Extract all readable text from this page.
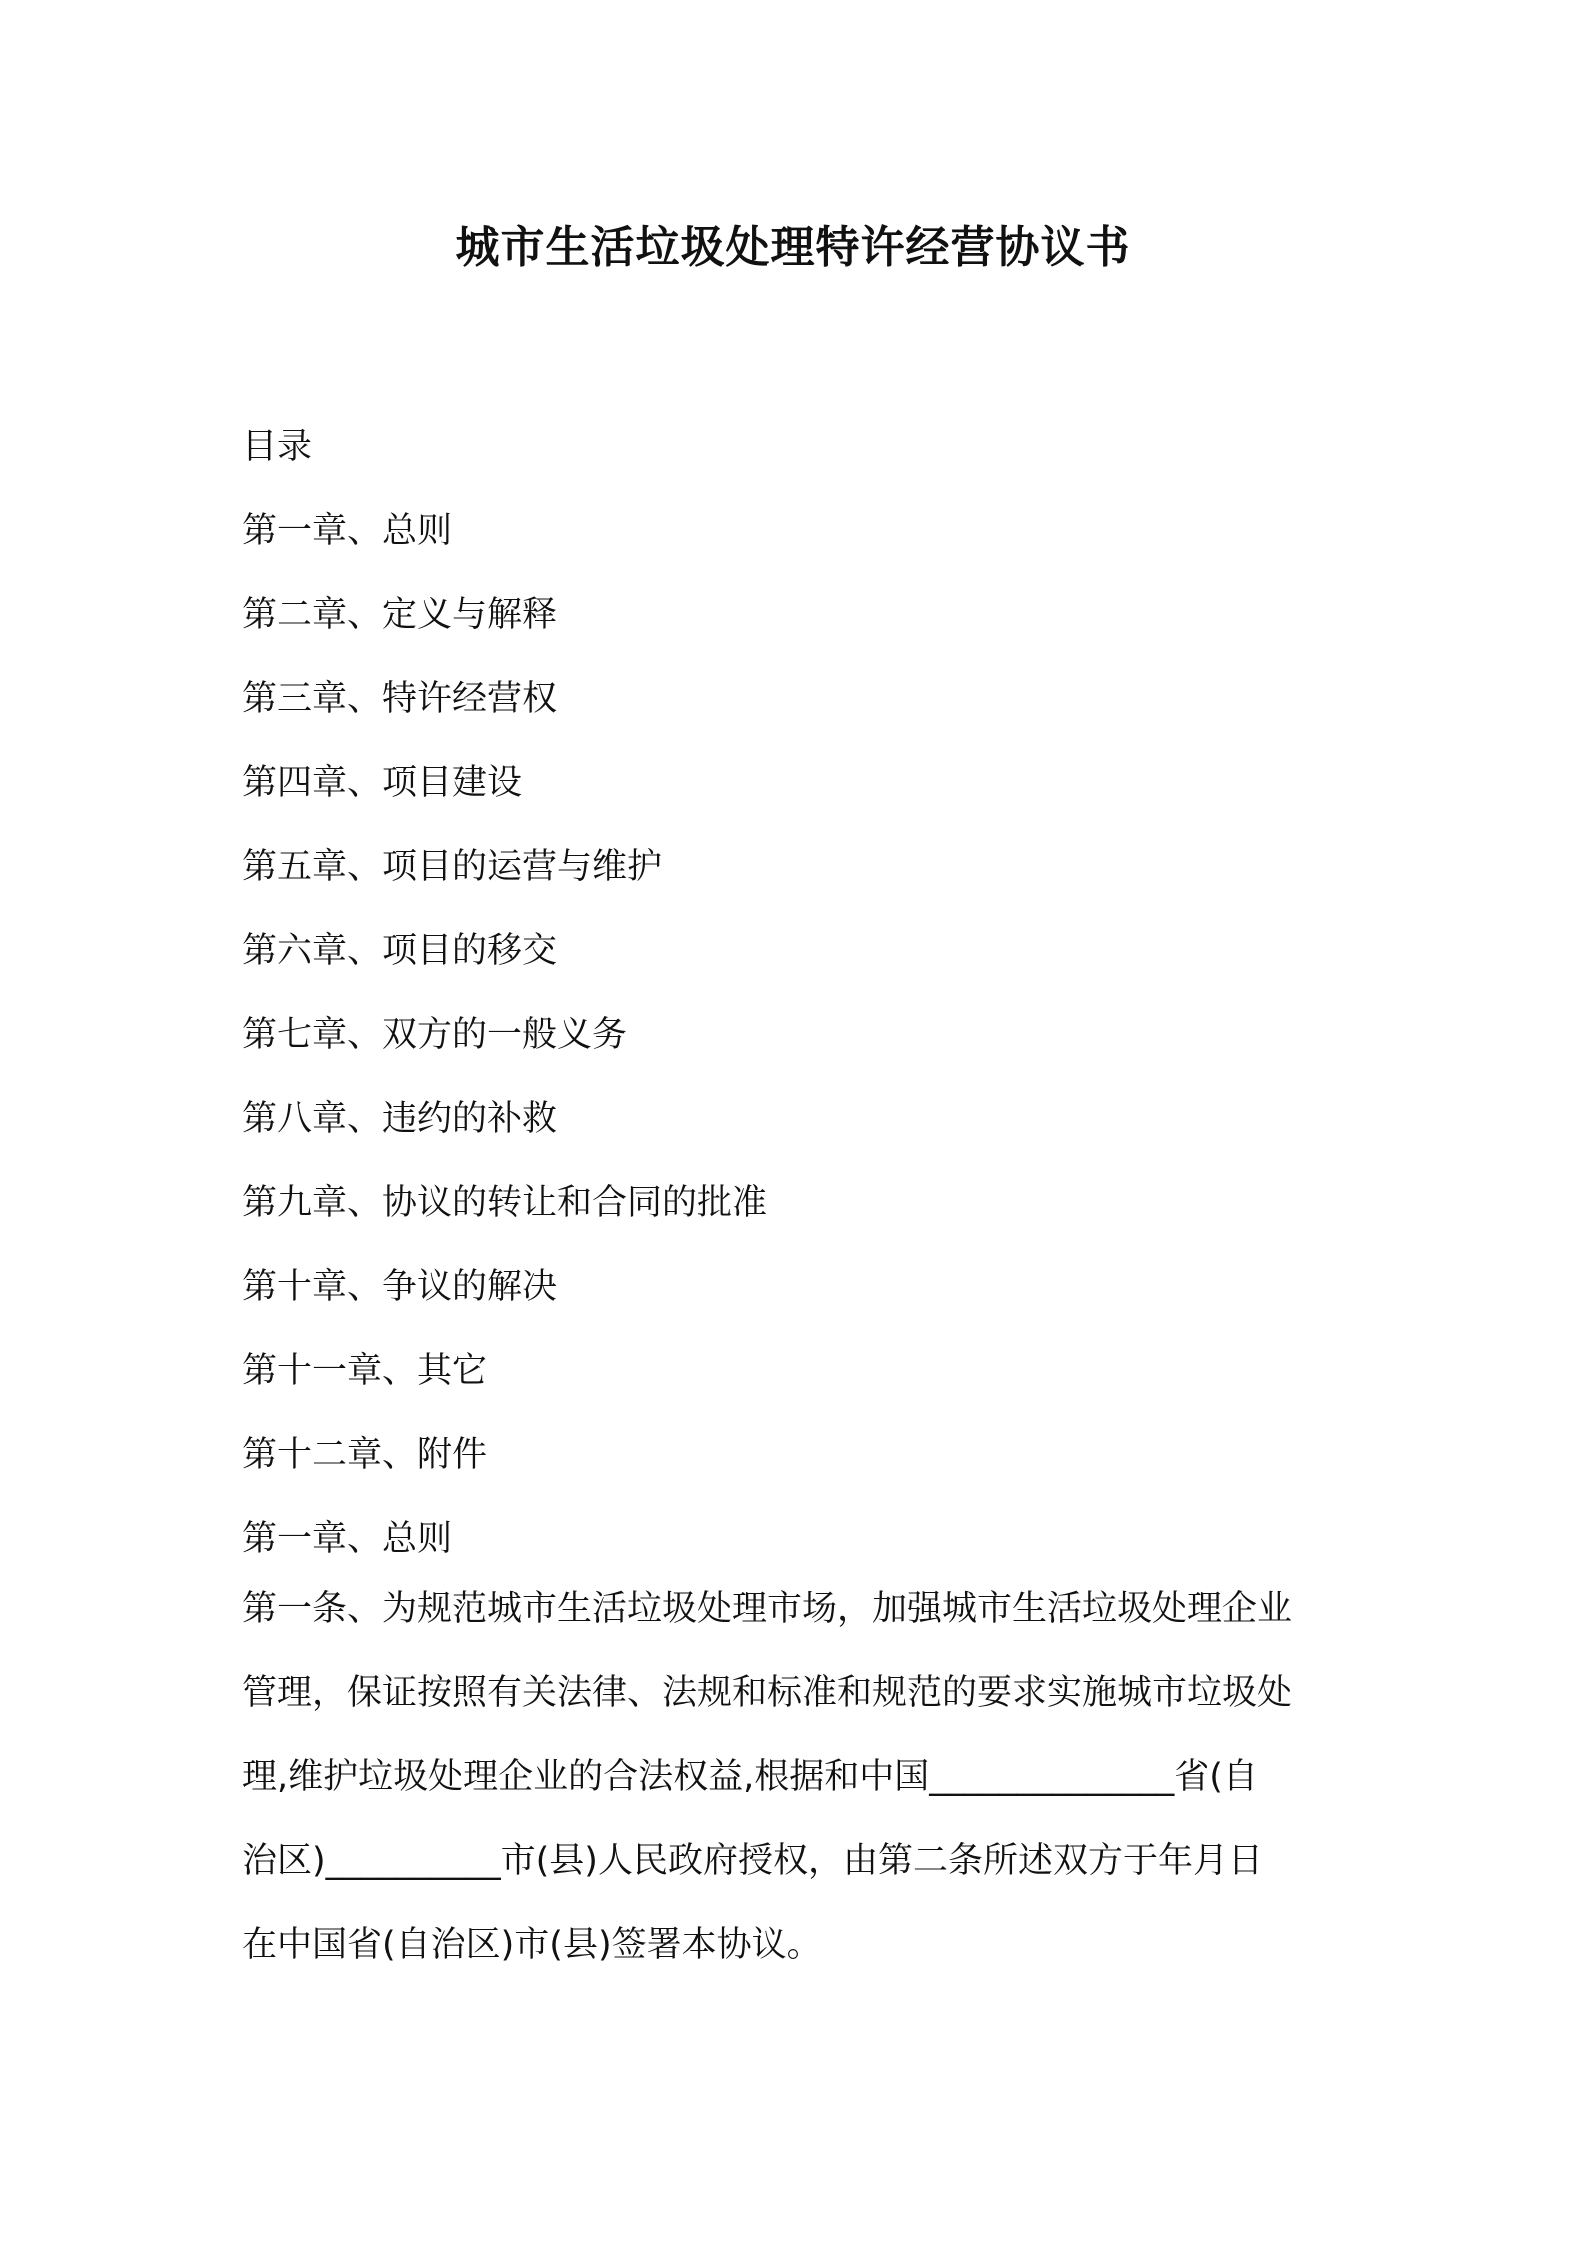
城市生活垃圾处理特许经营协议书
目录
第一章、总则
第二章、定义与解释
第三章、特许经营权
第四章、项目建设
第五章、项目的运营与维护
第六章、项目的移交
第七章、双方的一般义务
第八章、违约的补救
第九章、协议的转让和合同的批准
第十章、争议的解决
第十一章、其它
第十二章、附件
第一章、总则
第一条、为规范城市生活垃圾处理市场，加强城市生活垃圾处理企业
管理，保证按照有关法律、法规和标准和规范的要求实施城市垃圾处
理,维护垃圾处理企业的合法权益,根据和中国______________省(自
治区)__________市(县)人民政府授权，由第二条所述双方于年月日
在中国省(自治区)市(县)签署本协议。
